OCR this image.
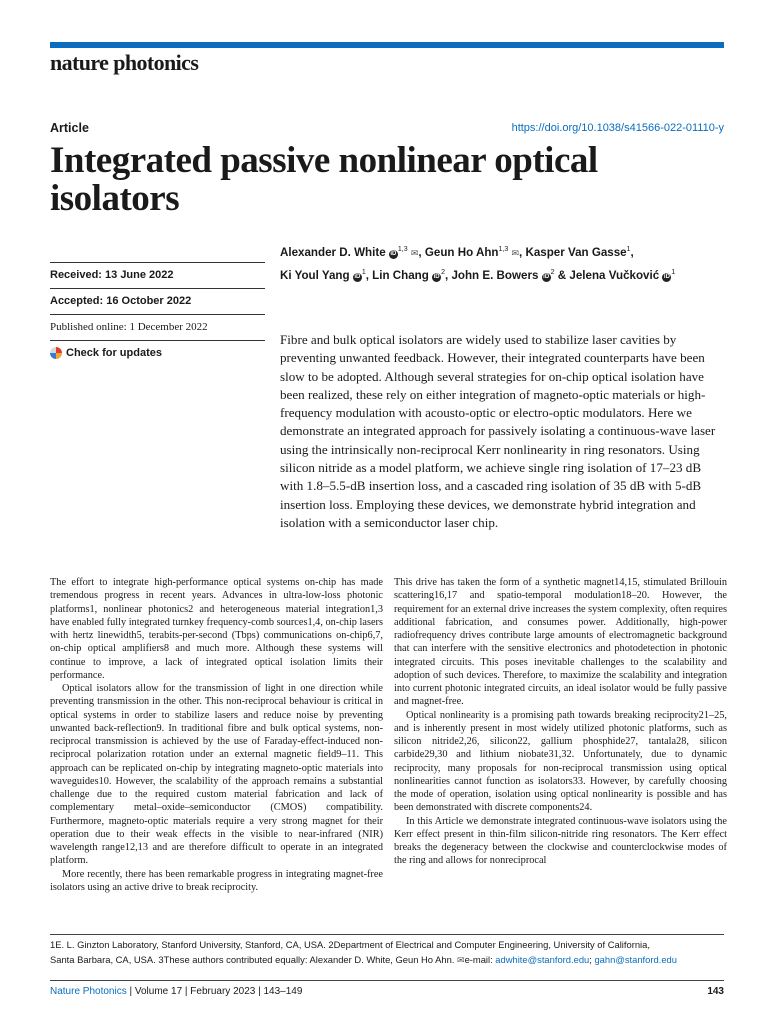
nature photonics
Article	https://doi.org/10.1038/s41566-022-01110-y
Integrated passive nonlinear optical isolators
Received: 13 June 2022
Accepted: 16 October 2022
Published online: 1 December 2022
Check for updates
Alexander D. White iD$^{1,3}$ ✉, Geun Ho Ahn$^{1,3}$ ✉, Kasper Van Gasse$^1$,
Ki Youl Yang $iD^1$, Lin Chang $iD^2$, John E. Bowers $iD^2$ & Jelena Vučković $iD^1$

Fibre and bulk optical isolators are widely used to stabilize laser cavities by preventing unwanted feedback. However, their integrated counterparts have been slow to be adopted. Although several strategies for on-chip optical isolation have been realized, these rely on either integration of magneto-optic materials or high-frequency modulation with acousto-optic or electro-optic modulators. Here we demonstrate an integrated approach for passively isolating a continuous-wave laser using the intrinsically non-reciprocal Kerr nonlinearity in ring resonators. Using silicon nitride as a model platform, we achieve single ring isolation of 17–23 dB with 1.8–5.5-dB insertion loss, and a cascaded ring isolation of 35 dB with 5-dB insertion loss. Employing these devices, we demonstrate hybrid integration and isolation with a semiconductor laser chip.

The effort to integrate high-performance optical systems on-chip has made tremendous progress in recent years. Advances in ultra-low-loss photonic platforms1, nonlinear photonics2 and heterogeneous material integration1,3 have enabled fully integrated turnkey frequency-comb sources1,4, on-chip lasers with hertz linewidth5, terabits-per-second (Tbps) communications on-chip6,7, on-chip optical amplifiers8 and much more. Although these systems will continue to improve, a lack of integrated optical isolation limits their performance.

Optical isolators allow for the transmission of light in one direction while preventing transmission in the other. This non-reciprocal behaviour is critical in optical systems in order to stabilize lasers and reduce noise by preventing unwanted back-reflection9. In traditional fibre and bulk optical systems, non-reciprocal transmission is achieved by the use of Faraday-effect-induced non-reciprocal polarization rotation under an external magnetic field9–11. This approach can be replicated on-chip by integrating magneto-optic materials into waveguides10. However, the scalability of the approach remains a substantial challenge due to the required custom material fabrication and lack of complementary metal–oxide–semiconductor (CMOS) compatibility. Furthermore, magneto-optic materials require a very strong magnet for their operation due to their weak effects in the visible to near-infrared (NIR) wavelength range12,13 and are therefore difficult to operate in an integrated platform.

More recently, there has been remarkable progress in integrating magnet-free isolators using an active drive to break reciprocity.

This drive has taken the form of a synthetic magnet14,15, stimulated Brillouin scattering16,17 and spatio-temporal modulation18–20. However, the requirement for an external drive increases the system complexity, often requires additional fabrication, and consumes power. Additionally, high-power radiofrequency drives contribute large amounts of electromagnetic background that can interfere with the sensitive electronics and photodetection in photonic integrated circuits. This poses inevitable challenges to the scalability and adoption of such devices. Therefore, to maximize the scalability and integration into current photonic integrated circuits, an ideal isolator would be fully passive and magnet-free.

Optical nonlinearity is a promising path towards breaking reciprocity21–25, and is inherently present in most widely utilized photonic platforms, such as silicon nitride2,26, silicon22, gallium phosphide27, tantala28, silicon carbide29,30 and lithium niobate31,32. Unfortunately, due to dynamic reciprocity, many proposals for non-reciprocal transmission using optical nonlinearities cannot function as isolators33. However, by carefully choosing the mode of operation, isolation using optical nonlinearity is possible and has been demonstrated with discrete components24.

In this Article we demonstrate integrated continuous-wave isolators using the Kerr effect present in thin-film silicon-nitride ring resonators. The Kerr effect breaks the degeneracy between the clockwise and counterclockwise modes of the ring and allows for nonreciprocal

1E. L. Ginzton Laboratory, Stanford University, Stanford, CA, USA. 2Department of Electrical and Computer Engineering, University of California,
Santa Barbara, CA, USA. 3These authors contributed equally: Alexander D. White, Geun Ho Ahn. ✉e-mail: adwhite@stanford.edu; gahn@stanford.edu
Nature Photonics | Volume 17 | February 2023 | 143–149	143
